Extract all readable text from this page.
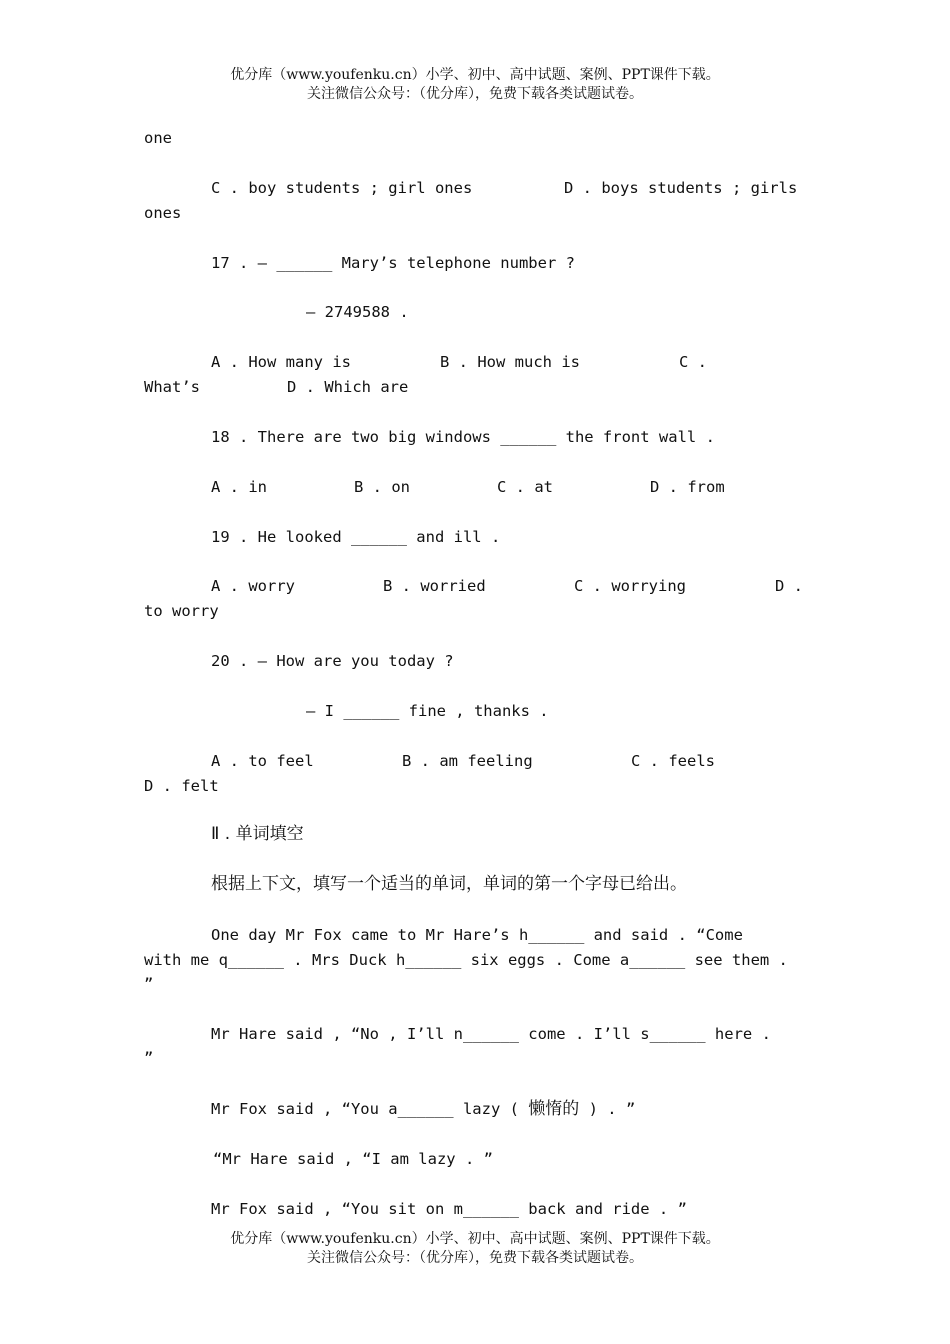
优分库（www.youfenku.cn）小学、初中、高中试题、案例、PPT课件下载。
关注微信公众号：（优分库），免费下载各类试题试卷。
one
C . boy students ; girl ones	D . boys students ; girls
ones
17 . — ______ Mary’s telephone number ?
— 2749588 .
A . How many is	B . How much is	C .
What’s	D . Which are
18 . There are two big windows ______ the front wall .
A . in	B . on	C . at	D . from
19 . He looked ______ and ill .
A . worry	B . worried	C . worrying	D .
to worry
20 . — How are you today ?
— I ______ fine , thanks .
A . to feel	B . am feeling	C . feels
D . felt
Ⅱ . 单词填空
根据上下文，填写一个适当的单词，单词的第一个字母已给出。
One day Mr Fox came to Mr Hare’s h______ and said . “Come
with me q______ . Mrs Duck h______ six eggs . Come a______ see them .
”
Mr Hare said , “No , I’ll n______ come . I’ll s______ here .
”
Mr Fox said , “You a______ lazy ( 懒惰的 ) . ”
“Mr Hare said , “I am lazy . ”
Mr Fox said , “You sit on m______ back and ride . ”
优分库（www.youfenku.cn）小学、初中、高中试题、案例、PPT课件下载。
关注微信公众号：（优分库），免费下载各类试题试卷。
